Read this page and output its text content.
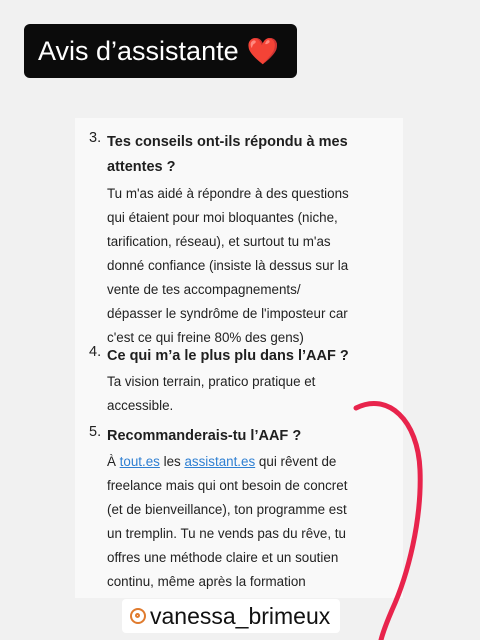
Avis d’assistante ❤️
3. Tes conseils ont-ils répondu à mes
attentes ?
Tu m'as aidé à répondre à des questions
qui étaient pour moi bloquantes (niche,
tarification, réseau), et surtout tu m'as
donné confiance (insiste là dessus sur la
vente de tes accompagnements/
dépasser le syndrôme de l'imposteur car
c'est ce qui freine 80% des gens)
4. Ce qui m’a le plus plu dans l’AAF ?
Ta vision terrain, pratico pratique et
accessible.
5. Recommanderais-tu l’AAF ?
À tout.es les assistant.es qui rêvent de
freelance mais qui ont besoin de concret
(et de bienveillance), ton programme est
un tremplin. Tu ne vends pas du rêve, tu
offres une méthode claire et un soutien
continu, même après la formation
vanessa_brimeux
